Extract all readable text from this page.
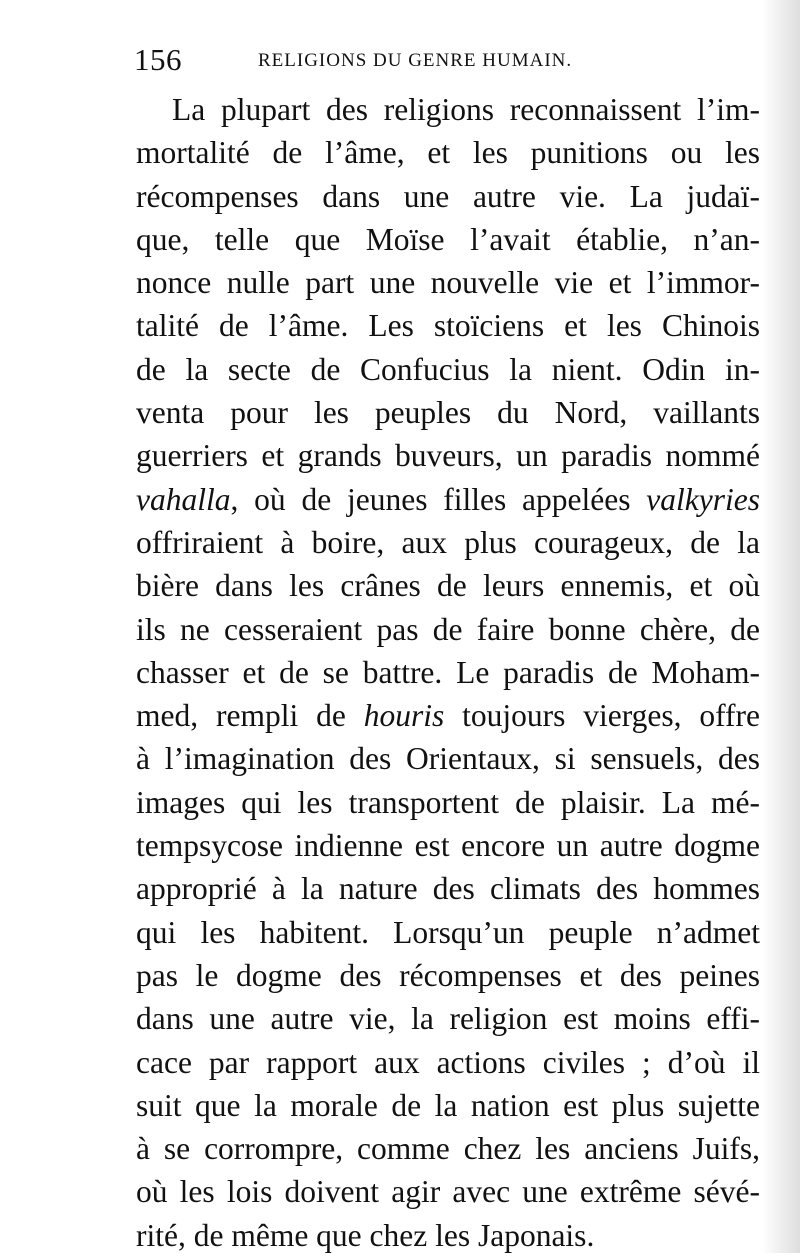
156	RELIGIONS DU GENRE HUMAIN.
La plupart des religions reconnaissent l’im-
mortalité de l’âme, et les punitions ou les
récompenses dans une autre vie. La judaï-
que, telle que Moïse l’avait établie, n’an-
nonce nulle part une nouvelle vie et l’immor-
talité de l’âme. Les stoïciens et les Chinois
de la secte de Confucius la nient. Odin in-
venta pour les peuples du Nord, vaillants
guerriers et grands buveurs, un paradis nommé
vahalla, où de jeunes filles appelées valkyries
offriraient à boire, aux plus courageux, de la
bière dans les crânes de leurs ennemis, et où
ils ne cesseraient pas de faire bonne chère, de
chasser et de se battre. Le paradis de Moham-
med, rempli de houris toujours vierges, offre
à l’imagination des Orientaux, si sensuels, des
images qui les transportent de plaisir. La mé-
tempsycose indienne est encore un autre dogme
approprié à la nature des climats des hommes
qui les habitent. Lorsqu’un peuple n’admet
pas le dogme des récompenses et des peines
dans une autre vie, la religion est moins effi-
cace par rapport aux actions civiles ; d’où il
suit que la morale de la nation est plus sujette
à se corrompre, comme chez les anciens Juifs,
où les lois doivent agir avec une extrême sévé-
rité, de même que chez les Japonais.
